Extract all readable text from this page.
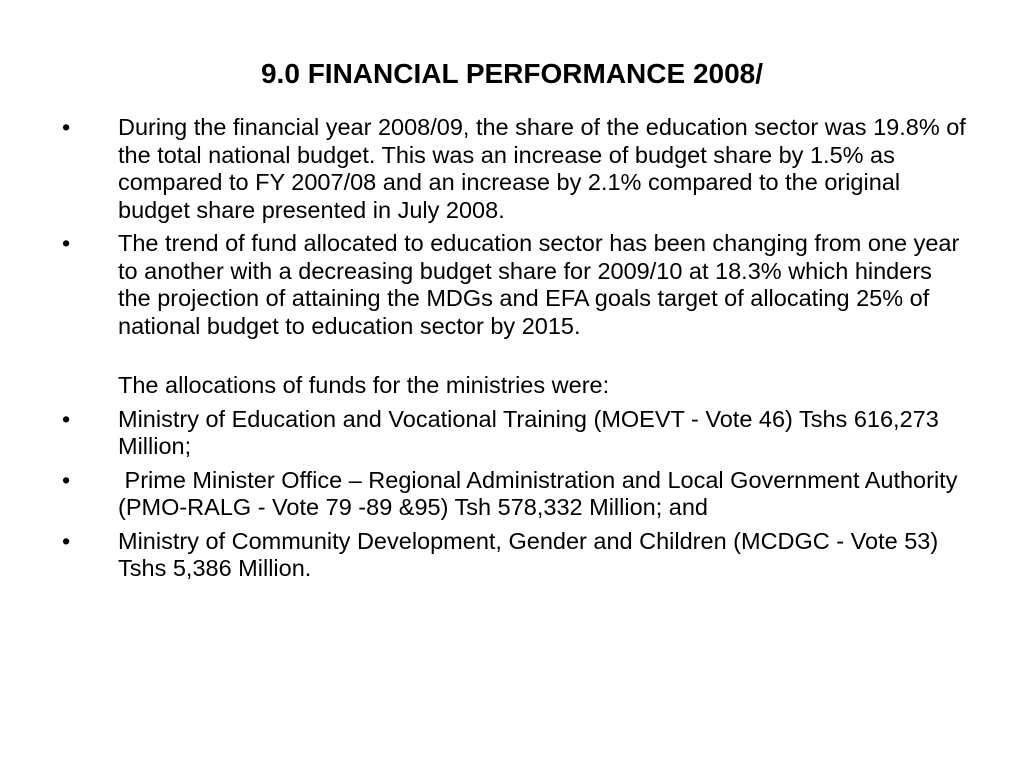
9.0 FINANCIAL PERFORMANCE 2008/
• During the financial year 2008/09, the share of the education sector was 19.8% of the total national budget. This was an increase of budget share by 1.5% as compared to FY 2007/08 and an increase by 2.1% compared to the original budget share presented in July 2008.
• The trend of fund allocated to education sector has been changing from one year to another with a decreasing budget share for 2009/10 at 18.3% which hinders the projection of attaining the MDGs and EFA goals target of allocating 25% of national budget to education sector by 2015.
The allocations of funds for the ministries were:
• Ministry of Education and Vocational Training (MOEVT - Vote 46) Tshs 616,273 Million;
• Prime Minister Office – Regional Administration and Local Government Authority (PMO-RALG - Vote 79 -89 &95) Tsh 578,332 Million; and
• Ministry of Community Development, Gender and Children (MCDGC - Vote 53) Tshs 5,386 Million.
